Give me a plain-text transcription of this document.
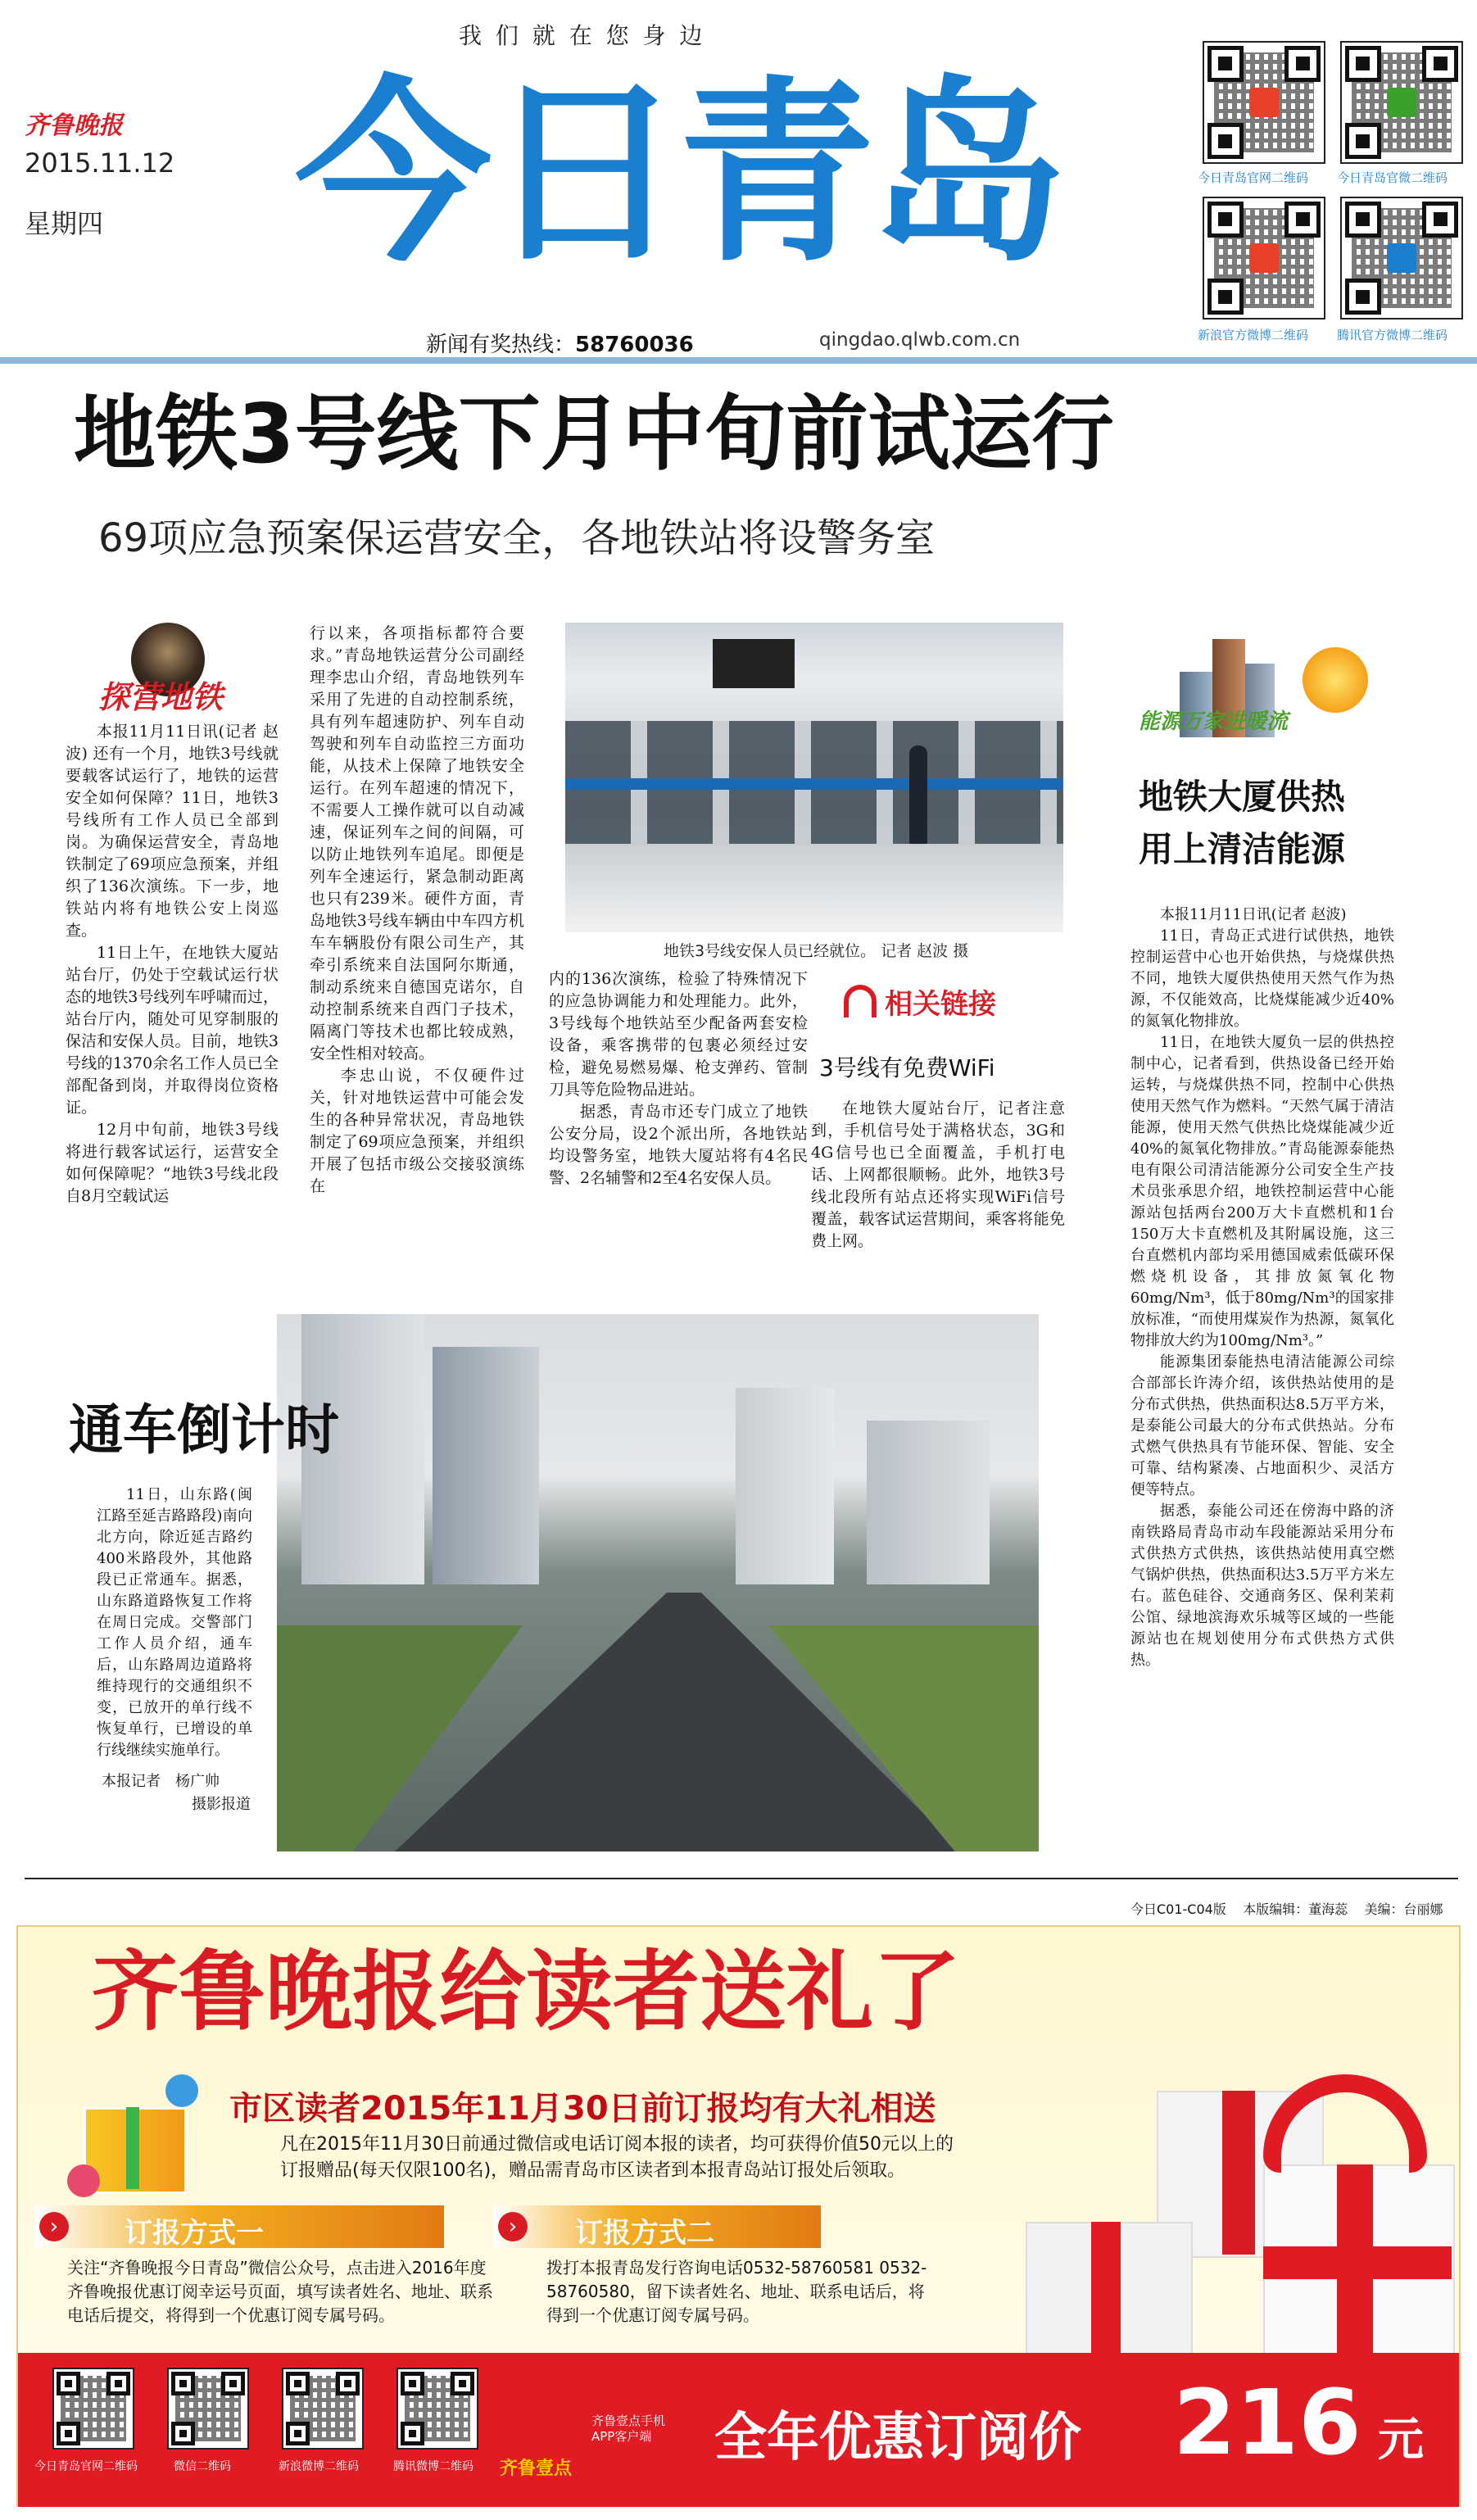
我 们 就 在 您 身 边
齐鲁晚报
2015.11.12
星期四 今日青岛
新闻有奖热线：58760036	qingdao.qlwb.com.cn
今日青岛官网二维码 今日青岛官微二维码
新浪官方微博二维码 腾讯官方微博二维码
地铁3号线下月中旬前试运行
69项应急预案保运营安全，各地铁站将设警务室
探营地铁

本报11月11日讯(记者 赵波) 还有一个月，地铁3号线就要载客试运行了，地铁的运营安全如何保障？11日，地铁3号线所有工作人员已全部到岗。为确保运营安全，青岛地铁制定了69项应急预案，并组织了136次演练。下一步，地铁站内将有地铁公安上岗巡查。

11日上午，在地铁大厦站站台厅，仍处于空载试运行状态的地铁3号线列车呼啸而过，站台厅内，随处可见穿制服的保洁和安保人员。目前，地铁3号线的1370余名工作人员已全部配备到岗，并取得岗位资格证。

12月中旬前，地铁3号线将进行载客试运行，运营安全如何保障呢？“地铁3号线北段自8月空载试运

行以来，各项指标都符合要求。”青岛地铁运营分公司副经理李忠山介绍，青岛地铁列车采用了先进的自动控制系统，具有列车超速防护、列车自动驾驶和列车自动监控三方面功能，从技术上保障了地铁安全运行。在列车超速的情况下，不需要人工操作就可以自动减速，保证列车之间的间隔，可以防止地铁列车追尾。即便是列车全速运行，紧急制动距离也只有239米。硬件方面，青岛地铁3号线车辆由中车四方机车车辆股份有限公司生产，其牵引系统来自法国阿尔斯通，制动系统来自德国克诺尔，自动控制系统来自西门子技术，隔离门等技术也都比较成熟，安全性相对较高。

李忠山说，不仅硬件过关，针对地铁运营中可能会发生的各种异常状况，青岛地铁制定了69项应急预案，并组织开展了包括市级公交接驳演练在

地铁3号线安保人员已经就位。 记者 赵波 摄

内的136次演练，检验了特殊情况下的应急协调能力和处理能力。此外，3号线每个地铁站至少配备两套安检设备，乘客携带的包裹必须经过安检，避免易燃易爆、枪支弹药、管制刀具等危险物品进站。

据悉，青岛市还专门成立了地铁公安分局，设2个派出所，各地铁站均设警务室，地铁大厦站将有4名民警、2名辅警和2至4名安保人员。

相关链接
3号线有免费WiFi

在地铁大厦站台厅，记者注意到，手机信号处于满格状态，3G和4G信号也已全面覆盖，手机打电话、上网都很顺畅。此外，地铁3号线北段所有站点还将实现WiFi信号覆盖，载客试运营期间，乘客将能免费上网。

能源万家进暖流
地铁大厦供热
用上清洁能源

本报11月11日讯(记者 赵波)

11日，青岛正式进行试供热，地铁控制运营中心也开始供热，与烧煤供热不同，地铁大厦供热使用天然气作为热源，不仅能效高，比烧煤能减少近40%的氮氧化物排放。

11日，在地铁大厦负一层的供热控制中心，记者看到，供热设备已经开始运转，与烧煤供热不同，控制中心供热使用天然气作为燃料。“天然气属于清洁能源，使用天然气供热比烧煤能减少近40%的氮氧化物排放。”青岛能源泰能热电有限公司清洁能源分公司安全生产技术员张承思介绍，地铁控制运营中心能源站包括两台200万大卡直燃机和1台150万大卡直燃机及其附属设施，这三台直燃机内部均采用德国威索低碳环保燃烧机设备，其排放氮氧化物60mg/Nm³，低于80mg/Nm³的国家排放标准，“而使用煤炭作为热源，氮氧化物排放大约为100mg/Nm³。”

能源集团泰能热电清洁能源公司综合部部长许涛介绍，该供热站使用的是分布式供热，供热面积达8.5万平方米，是泰能公司最大的分布式供热站。分布式燃气供热具有节能环保、智能、安全可靠、结构紧凑、占地面积少、灵活方便等特点。

据悉，泰能公司还在傍海中路的济南铁路局青岛市动车段能源站采用分布式供热方式供热，该供热站使用真空燃气锅炉供热，供热面积达3.5万平方米左右。蓝色硅谷、交通商务区、保利茉莉公馆、绿地滨海欢乐城等区域的一些能源站也在规划使用分布式供热方式供热。

通车倒计时

11日，山东路(闽江路至延吉路路段)南向北方向，除近延吉路约400米路段外，其他路段已正常通车。据悉，山东路道路恢复工作将在周日完成。交警部门工作人员介绍，通车后，山东路周边道路将维持现行的交通组织不变，已放开的单行线不恢复单行，已增设的单行线继续实施单行。

本报记者　杨广帅
摄影报道
今日C01-C04版 本版编辑：董海蕊 美编：台丽娜
齐鲁晚报给读者送礼了
市区读者2015年11月30日前订报均有大礼相送
凡在2015年11月30日前通过微信或电话订阅本报的读者，均可获得价值50元以上的订报赠品(每天仅限100名)，赠品需青岛市区读者到本报青岛站订报处后领取。
›	订报方式一
关注“齐鲁晚报今日青岛”微信公众号，点击进入2016年度齐鲁晚报优惠订阅幸运号页面，填写读者姓名、地址、联系电话后提交，将得到一个优惠订阅专属号码。
›	订报方式二
拨打本报青岛发行咨询电话0532-58760581 0532-58760580，留下读者姓名、地址、联系电话后，将得到一个优惠订阅专属号码。
今日青岛官网二维码	微信二维码	新浪微博二维码	腾讯微博二维码 齐鲁壹点
齐鲁壹点手机APP客户端	全年优惠订阅价 216 元
